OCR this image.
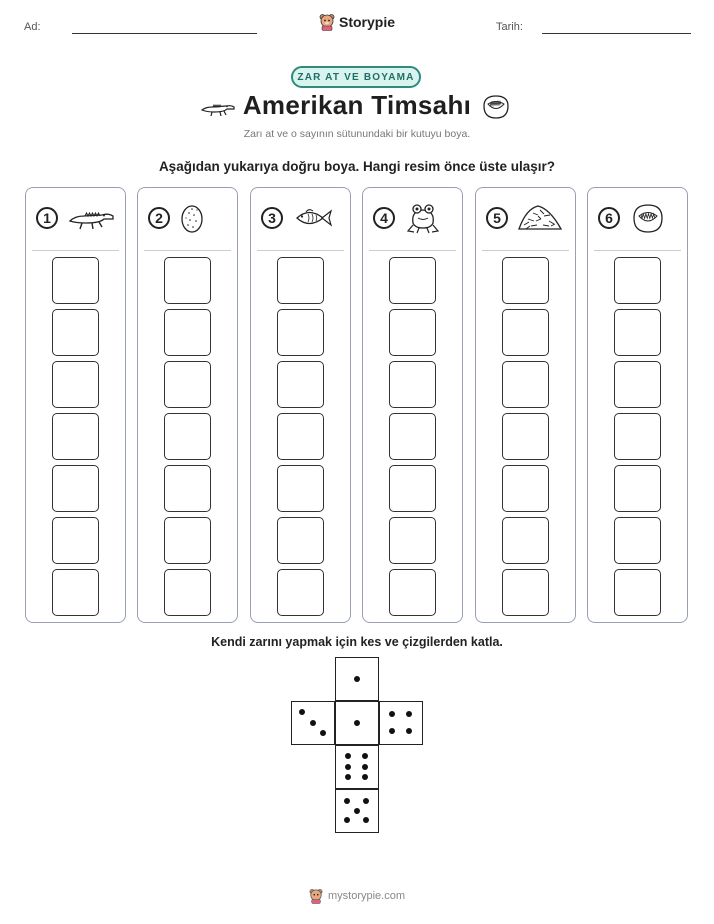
Ad:	Storypie	Tarih:
ZAR AT VE BOYAMA
Amerikan Timsahı
Zarı at ve o sayının sütunundaki bir kutuyu boya.
Aşağıdan yukarıya doğru boya. Hangi resim önce üste ulaşır?
1	2	3	4	5	6
Kendi zarını yapmak için kes ve çizgilerden katla.
mystorypie.com
